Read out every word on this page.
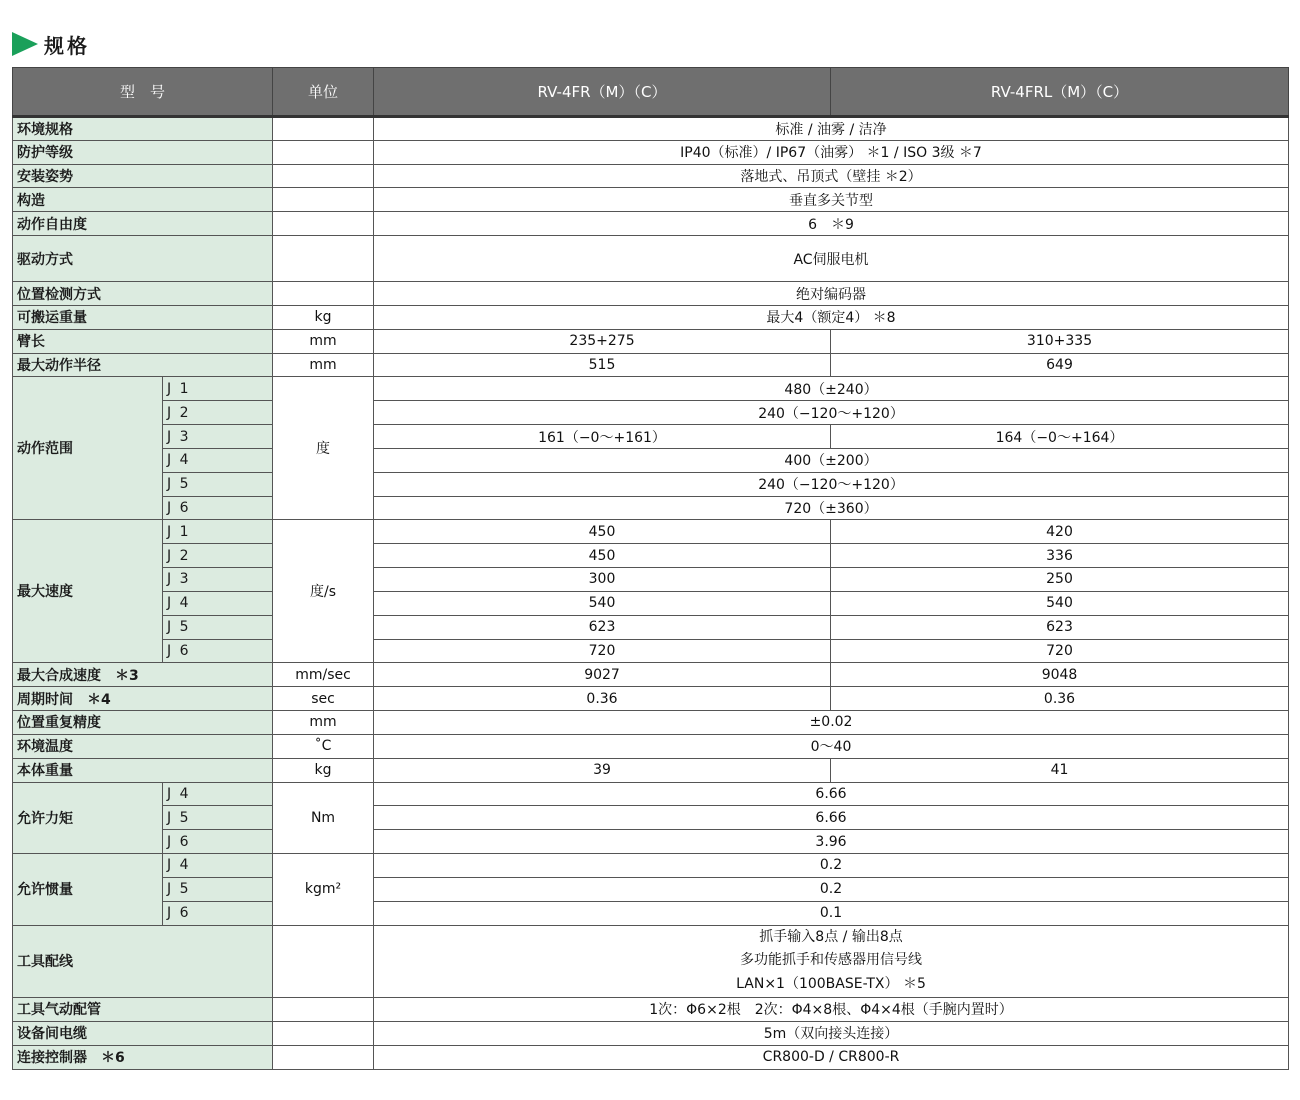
规格
型　号		单位	RV-4FR（M）（C）	RV-4FRL（M）（C）
环境规格			标准 / 油雾 / 洁净	
防护等级			IP40（标准）/ IP67（油雾） ＊1 / ISO 3级 ＊7	
安装姿势			落地式、吊顶式（壁挂 ＊2）	
构造			垂直多关节型	
动作自由度			6　＊9	
驱动方式			AC伺服电机	
位置检测方式			绝对编码器	
可搬运重量		kg	最大4（额定4） ＊8	
臂长		mm	235+275	310+335
最大动作半径		mm	515	649
动作范围	J 1	度	480（±240）	
	J 2		240（−120〜+120）	
	J 3		161（−0〜+161）	164（−0〜+164）
	J 4		400（±200）	
	J 5		240（−120〜+120）	
	J 6		720（±360）	
最大速度	J 1	度/s	450	420
	J 2		450	336
	J 3		300	250
	J 4		540	540
	J 5		623	623
	J 6		720	720
最大合成速度　＊3		mm/sec	9027	9048
周期时间　＊4		sec	0.36	0.36
位置重复精度		mm	±0.02	
环境温度		˚C	0〜40	
本体重量		kg	39	41
允许力矩	J 4	Nm	6.66	
	J 5		6.66	
	J 6		3.96	
允许惯量	J 4	kgm²	0.2	
	J 5		0.2	
	J 6		0.1	
工具配线			抓手输入8点 / 输出8点
多功能抓手和传感器用信号线
LAN×1（100BASE-TX） ＊5	

工具气动配管			1次：Φ6×2根　2次：Φ4×8根、Φ4×4根（手腕内置时）	
设备间电缆			5m（双向接头连接）	
连接控制器　＊6			CR800-D / CR800-R	
